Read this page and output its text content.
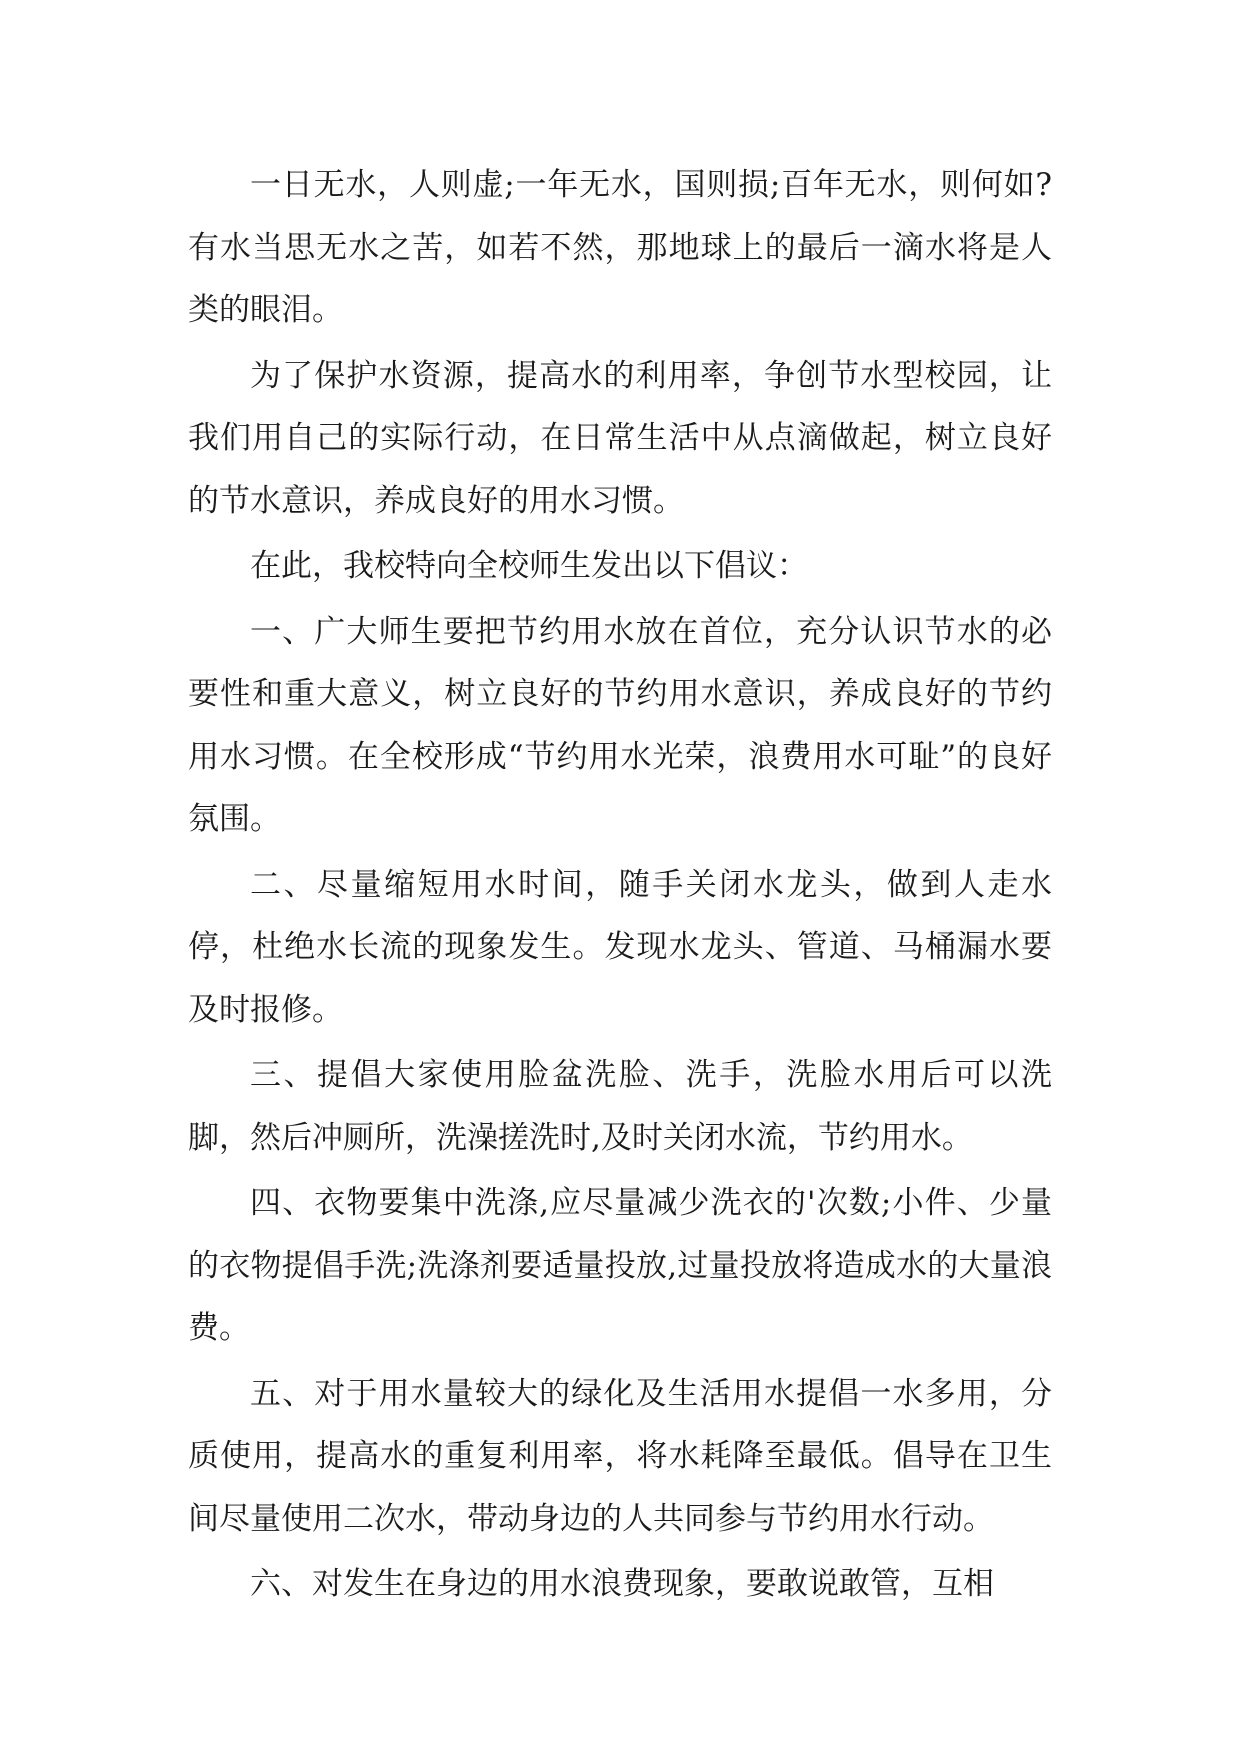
一日无水，人则虚;一年无水，国则损;百年无水，则何如?有水当思无水之苦，如若不然，那地球上的最后一滴水将是人类的眼泪。

为了保护水资源，提高水的利用率，争创节水型校园，让我们用自己的实际行动，在日常生活中从点滴做起，树立良好的节水意识，养成良好的用水习惯。

在此，我校特向全校师生发出以下倡议：

一、广大师生要把节约用水放在首位，充分认识节水的必要性和重大意义，树立良好的节约用水意识，养成良好的节约用水习惯。在全校形成“节约用水光荣，浪费用水可耻”的良好氛围。

二、尽量缩短用水时间，随手关闭水龙头，做到人走水停，杜绝水长流的现象发生。发现水龙头、管道、马桶漏水要及时报修。

三、提倡大家使用脸盆洗脸、洗手，洗脸水用后可以洗脚，然后冲厕所，洗澡搓洗时,及时关闭水流，节约用水。

四、衣物要集中洗涤,应尽量减少洗衣的'次数;小件、少量的衣物提倡手洗;洗涤剂要适量投放,过量投放将造成水的大量浪费。

五、对于用水量较大的绿化及生活用水提倡一水多用，分质使用，提高水的重复利用率，将水耗降至最低。倡导在卫生间尽量使用二次水，带动身边的人共同参与节约用水行动。

六、对发生在身边的用水浪费现象，要敢说敢管，互相
